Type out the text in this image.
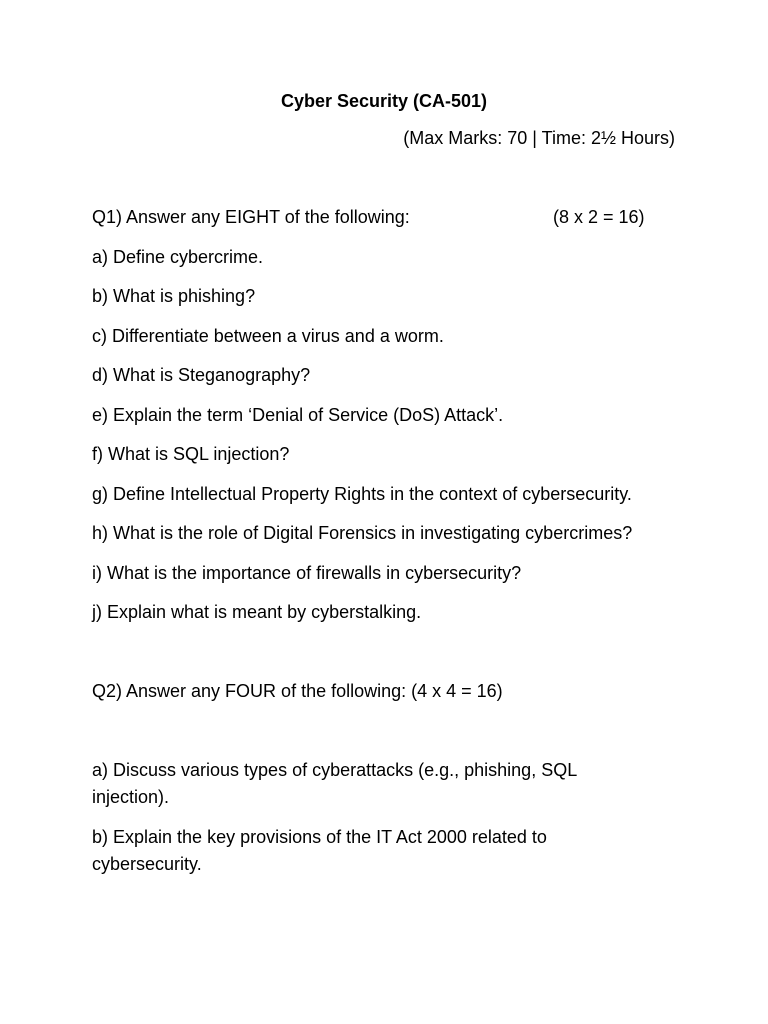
Cyber Security (CA-501)
(Max Marks: 70 | Time: 2½ Hours)
Q1) Answer any EIGHT of the following:	(8 x 2 = 16)
a) Define cybercrime.
b) What is phishing?
c) Differentiate between a virus and a worm.
d) What is Steganography?
e) Explain the term ‘Denial of Service (DoS) Attack’.
f) What is SQL injection?
g) Define Intellectual Property Rights in the context of cybersecurity.
h) What is the role of Digital Forensics in investigating cybercrimes?
i) What is the importance of firewalls in cybersecurity?
j) Explain what is meant by cyberstalking.
Q2) Answer any FOUR of the following: (4 x 4 = 16)
a) Discuss various types of cyberattacks (e.g., phishing, SQL injection).
b) Explain the key provisions of the IT Act 2000 related to cybersecurity.
